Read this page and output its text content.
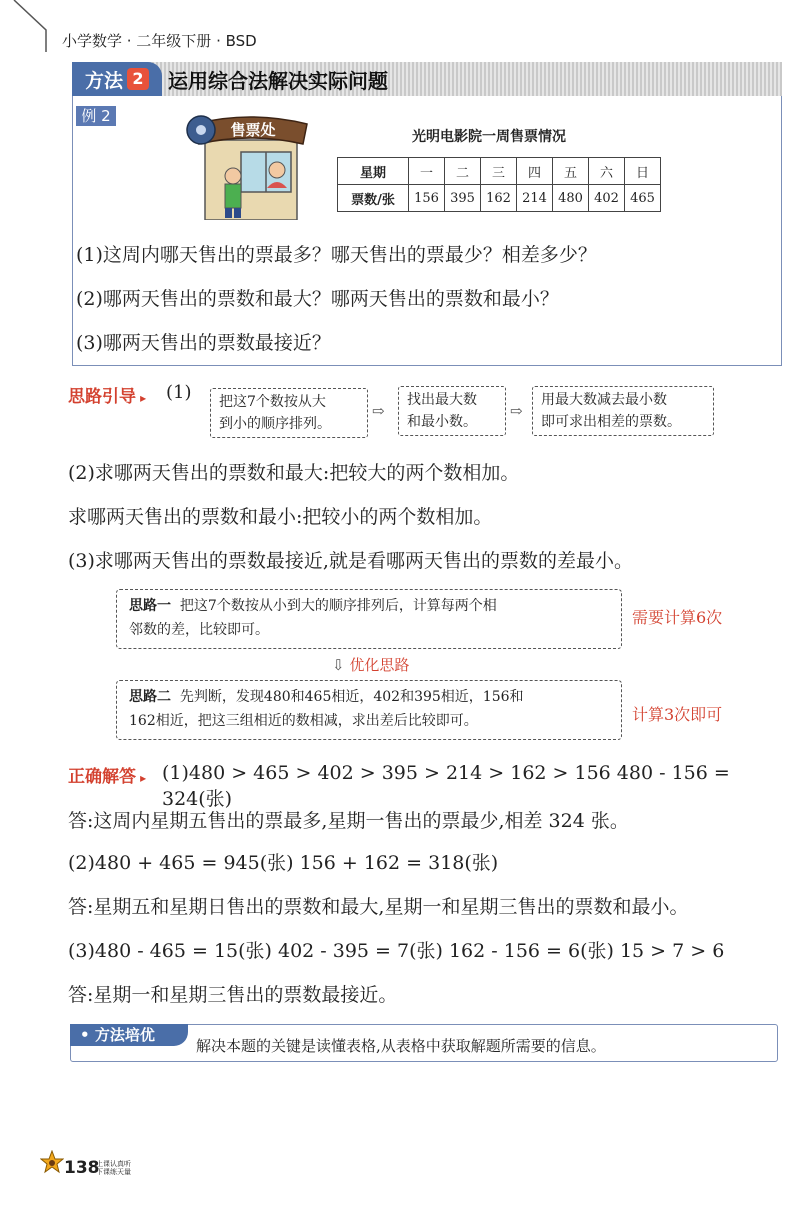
小学数学 · 二年级下册 · BSD
方法 2 运用综合法解决实际问题
例 2
售票处	光明电影院一周售票情况
星期	一	二	三	四	五	六	日
票数/张	156	395	162	214	480	402	465
(1)这周内哪天售出的票最多？哪天售出的票最少？相差多少？
(2)哪两天售出的票数和最大？哪两天售出的票数和最小？
(3)哪两天售出的票数最接近？
思路引导 ▸ (1) 把这7个数按从大
到小的顺序排列。
⇨
找出最大数
和最小数。
⇨
用最大数减去最小数
即可求出相差的票数。
(2)求哪两天售出的票数和最大:把较大的两个数相加。
求哪两天售出的票数和最小:把较小的两个数相加。
(3)求哪两天售出的票数最接近,就是看哪两天售出的票数的差最小。
思路一 把这7个数按从小到大的顺序排列后，计算每两个相
邻数的差，比较即可。
需要计算6次
⇩ 优化思路
思路二 先判断，发现480和465相近，402和395相近，156和
162相近，把这三组相近的数相减，求出差后比较即可。	计算3次即可
正确解答 ▸ (1)480 > 465 > 402 > 395 > 214 > 162 > 156 480 - 156 = 324(张)
答:这周内星期五售出的票最多,星期一售出的票最少,相差 324 张。
(2)480 + 465 = 945(张) 156 + 162 = 318(张)
答:星期五和星期日售出的票数和最大,星期一和星期三售出的票数和最小。
(3)480 - 465 = 15(张) 402 - 395 = 7(张) 162 - 156 = 6(张) 15 > 7 > 6
答:星期一和星期三售出的票数最接近。
• 方法培优
解决本题的关键是读懂表格,从表格中获取解题所需要的信息。
138
上课认真听
下课练天量
